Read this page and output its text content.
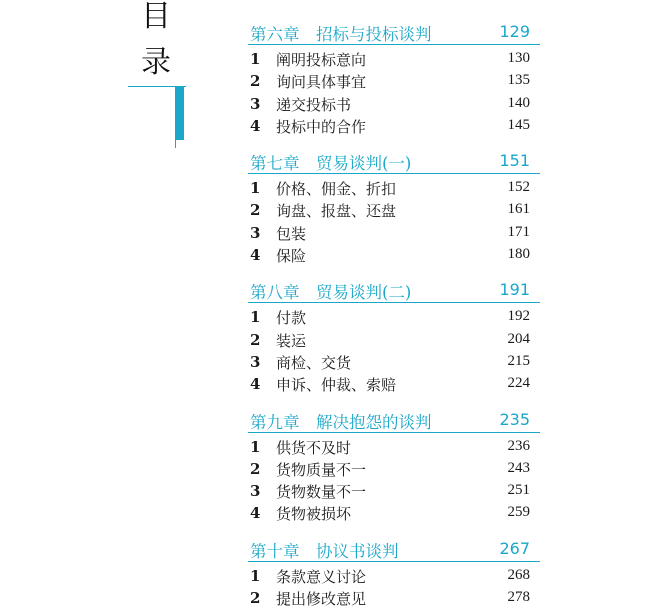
目
录
第六章　招标与投标谈判	129
1 阐明投标意向	130
2 询问具体事宜	135
3 递交投标书	140
4 投标中的合作	145
第七章　贸易谈判(一)	151
1 价格、佣金、折扣	152
2 询盘、报盘、还盘	161
3 包装	171
4 保险	180
第八章　贸易谈判(二)	191
1 付款	192
2 装运	204
3 商检、交货	215
4 申诉、仲裁、索赔	224
第九章　解决抱怨的谈判	235
1 供货不及时	236
2 货物质量不一	243
3 货物数量不一	251
4 货物被损坏	259
第十章　协议书谈判	267
1 条款意义讨论	268
2 提出修改意见	278
